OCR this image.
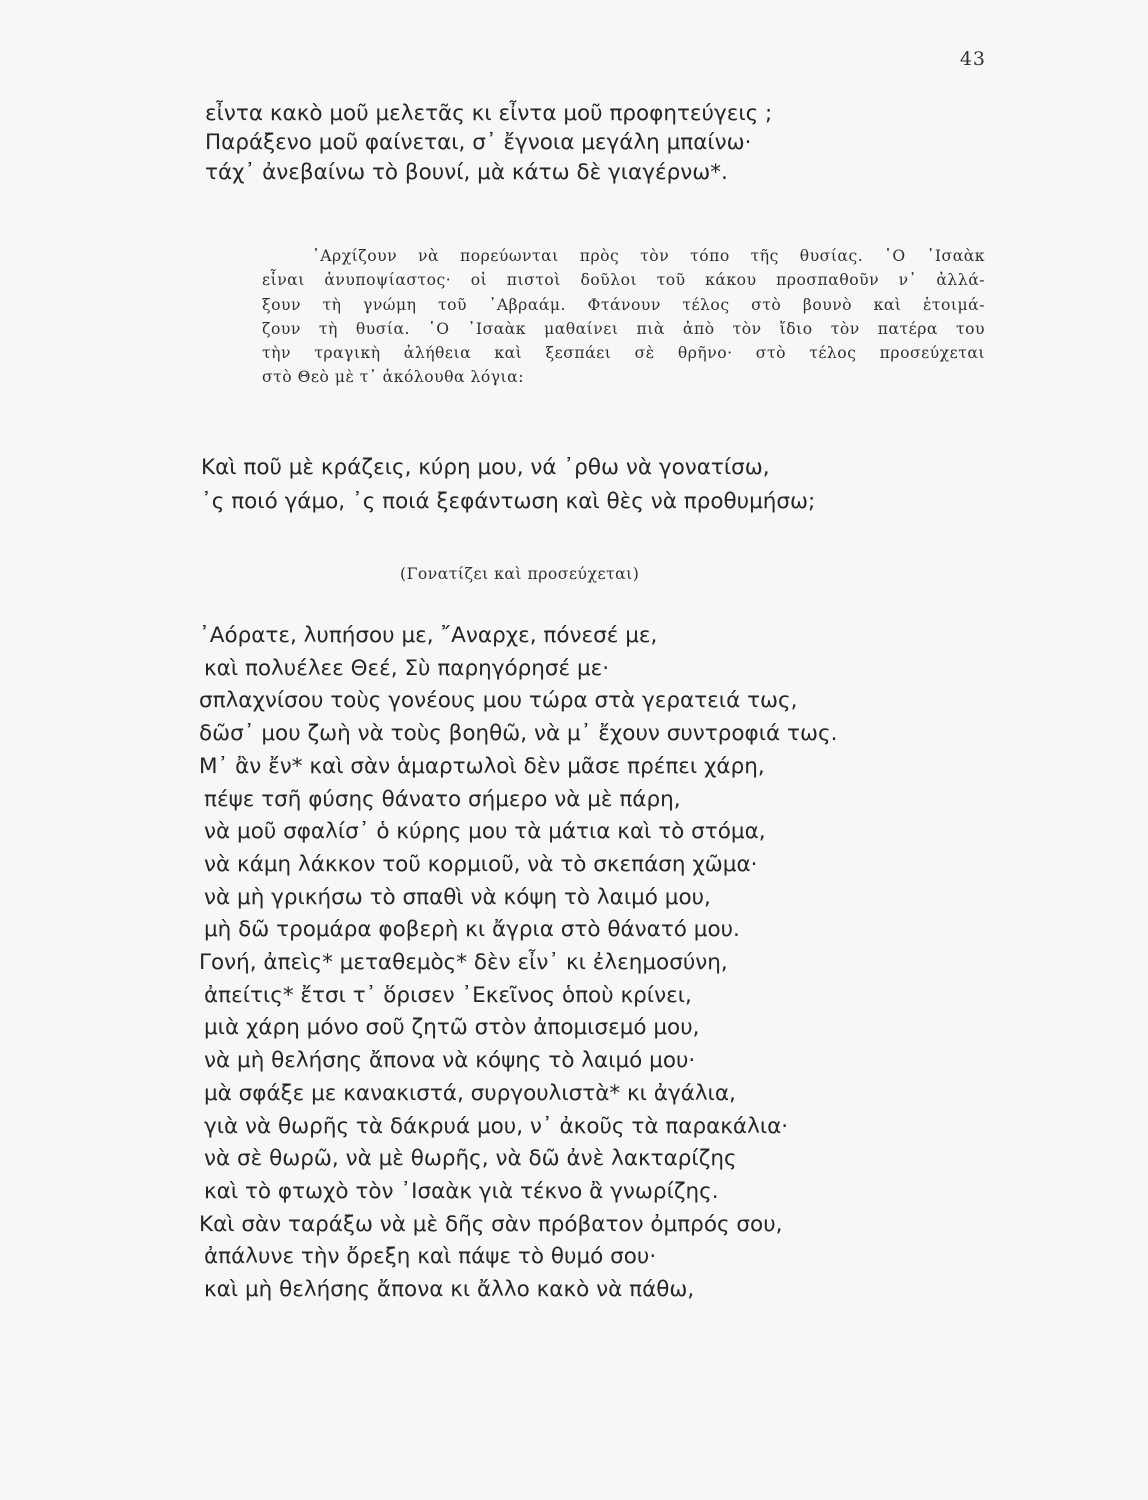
43
εἶντα κακὸ μοῦ μελετᾶς κι εἶντα μοῦ προφητεύγεις ;
Παράξενο μοῦ φαίνεται, σ᾽ ἔγνοια μεγάλη μπαίνω·
τάχ᾽ ἀνεβαίνω τὸ βουνί, μὰ κάτω δὲ γιαγέρνω*.
᾽Αρχίζουν νὰ πορεύωνται πρὸς τὸν τόπο τῆς θυσίας. ῾Ο ᾽Ισαὰκ
εἶναι ἀνυποψίαστος· οἱ πιστοὶ δοῦλοι τοῦ κάκου προσπαθοῦν ν᾽ ἀλλά-
ξουν τὴ γνώμη τοῦ ᾽Αβραάμ. Φτάνουν τέλος στὸ βουνὸ καὶ ἑτοιμά-
ζουν τὴ θυσία. ῾Ο ᾽Ισαὰκ μαθαίνει πιὰ ἀπὸ τὸν ἴδιο τὸν πατέρα του
τὴν τραγικὴ ἀλήθεια καὶ ξεσπάει σὲ θρῆνο· στὸ τέλος προσεύχεται
στὸ Θεὸ μὲ τ᾽ ἀκόλουθα λόγια:
Καὶ ποῦ μὲ κράζεις, κύρη μου, νά ᾽ρθω νὰ γονατίσω,
᾽ς ποιό γάμο, ᾽ς ποιά ξεφάντωση καὶ θὲς νὰ προθυμήσω;
(Γονατίζει καὶ προσεύχεται)
᾽Αόρατε, λυπήσου με, ῎Αναρχε, πόνεσέ με,
καὶ πολυέλεε Θεέ, Σὺ παρηγόρησέ με·
σπλαχνίσου τοὺς γονέους μου τώρα στὰ γερατειά τως,
δῶσ᾽ μου ζωὴ νὰ τοὺς βοηθῶ, νὰ μ᾽ ἔχουν συντροφιά τως.
Μ᾽ ἂν ἔν* καὶ σὰν ἁμαρτωλοὶ δὲν μᾶσε πρέπει χάρη,
πέψε τσῆ φύσης θάνατο σήμερο νὰ μὲ πάρη,
νὰ μοῦ σφαλίσ᾽ ὁ κύρης μου τὰ μάτια καὶ τὸ στόμα,
νὰ κάμη λάκκον τοῦ κορμιοῦ, νὰ τὸ σκεπάση χῶμα·
νὰ μὴ γρικήσω τὸ σπαθὶ νὰ κόψη τὸ λαιμό μου,
μὴ δῶ τρομάρα φοβερὴ κι ἄγρια στὸ θάνατό μου.
Γονή, ἀπεὶς* μεταθεμὸς* δὲν εἶν᾽ κι ἐλεημοσύνη,
ἀπείτις* ἔτσι τ᾽ ὅρισεν ᾽Εκεῖνος ὁποὺ κρίνει,
μιὰ χάρη μόνο σοῦ ζητῶ στὸν ἀπομισεμό μου,
νὰ μὴ θελήσης ἄπονα νὰ κόψης τὸ λαιμό μου·
μὰ σφάξε με κανακιστά, συργουλιστὰ* κι ἀγάλια,
γιὰ νὰ θωρῆς τὰ δάκρυά μου, ν᾽ ἀκοῦς τὰ παρακάλια·
νὰ σὲ θωρῶ, νὰ μὲ θωρῆς, νὰ δῶ ἀνὲ λακταρίζης
καὶ τὸ φτωχὸ τὸν ᾽Ισαὰκ γιὰ τέκνο ἂ γνωρίζης.
Καὶ σὰν ταράξω νὰ μὲ δῆς σὰν πρόβατον ὀμπρός σου,
ἀπάλυνε τὴν ὄρεξη καὶ πάψε τὸ θυμό σου·
καὶ μὴ θελήσης ἄπονα κι ἄλλο κακὸ νὰ πάθω,
